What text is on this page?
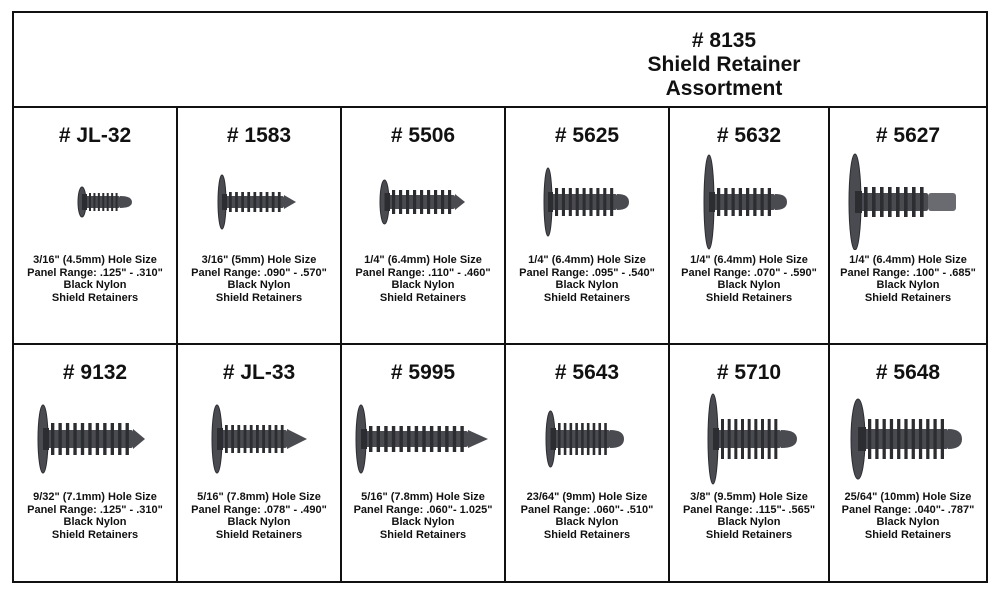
# 8135
Shield Retainer
Assortment
# JL-32
3/16" (4.5mm) Hole Size
Panel Range: .125" - .310"
Black Nylon
Shield Retainers
# 1583
3/16" (5mm) Hole Size
Panel Range: .090" - .570"
Black Nylon
Shield Retainers
# 5506
1/4" (6.4mm) Hole Size
Panel Range: .110" - .460"
Black Nylon
Shield Retainers
# 5625
1/4" (6.4mm) Hole Size
Panel Range: .095" - .540"
Black Nylon
Shield Retainers
# 5632
1/4" (6.4mm) Hole Size
Panel Range: .070" - .590"
Black Nylon
Shield Retainers
# 5627
1/4" (6.4mm) Hole Size
Panel Range: .100" - .685"
Black Nylon
Shield Retainers
# 9132
9/32" (7.1mm) Hole Size
Panel Range: .125" - .310"
Black Nylon
Shield Retainers
# JL-33
5/16" (7.8mm) Hole Size
Panel Range: .078" - .490"
Black Nylon
Shield Retainers
# 5995
5/16" (7.8mm) Hole Size
Panel Range: .060"- 1.025"
Black Nylon
Shield Retainers
# 5643
23/64" (9mm) Hole Size
Panel Range: .060"- .510"
Black Nylon
Shield Retainers
# 5710
3/8" (9.5mm) Hole Size
Panel Range: .115"- .565"
Black Nylon
Shield Retainers
# 5648
25/64" (10mm) Hole Size
Panel Range: .040"- .787"
Black Nylon
Shield Retainers
